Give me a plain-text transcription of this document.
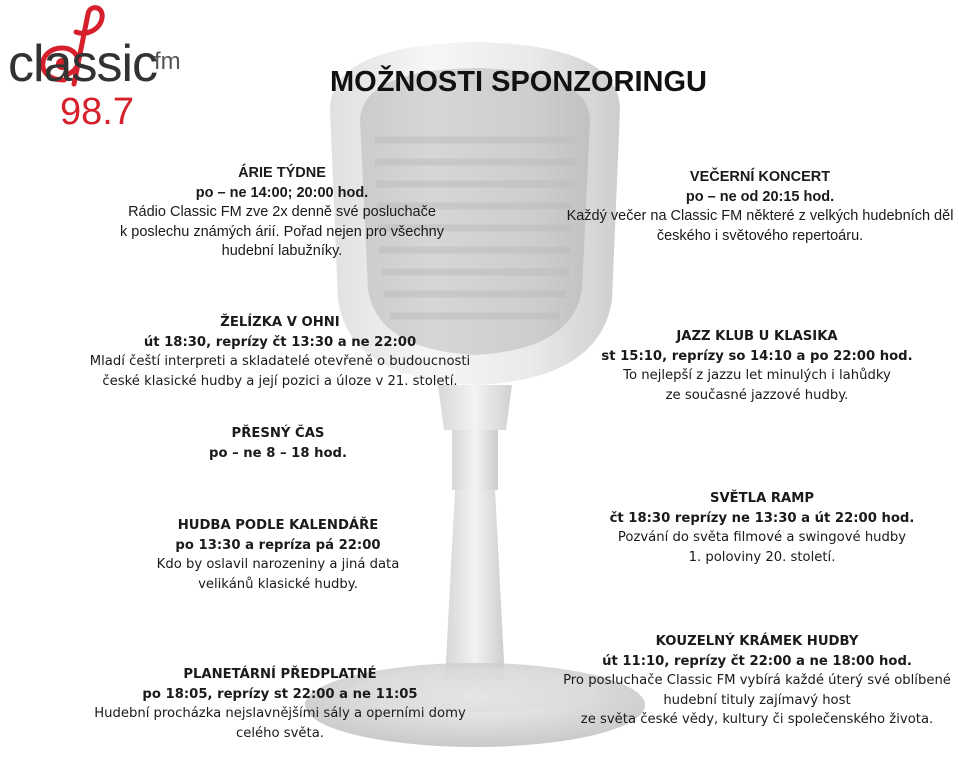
classic
fm
98.7
MOŽNOSTI SPONZORINGU
ÁRIE TÝDNE
po – ne 14:00; 20:00 hod.
Rádio Classic FM zve 2x denně své posluchače
k poslechu známých árií. Pořad nejen pro všechny
hudební labužníky.
VEČERNÍ KONCERT
po – ne od 20:15 hod.
Každý večer na Classic FM některé z velkých hudebních děl
českého i světového repertoáru.
ŽELÍZKA V OHNI
út 18:30, reprízy čt 13:30 a ne 22:00
Mladí čeští interpreti a skladatelé otevřeně o budoucnosti
české klasické hudby a její pozici a úloze v 21. století.
JAZZ KLUB U KLASIKA
st 15:10, reprízy so 14:10 a po 22:00 hod.
To nejlepší z jazzu let minulých i lahůdky
ze současné jazzové hudby.
PŘESNÝ ČAS
po – ne 8 – 18 hod.
HUDBA PODLE KALENDÁŘE
po 13:30 a repríza pá 22:00
Kdo by oslavil narozeniny a jiná data
velikánů klasické hudby.
SVĚTLA RAMP
čt 18:30 reprízy ne 13:30 a út 22:00 hod.
Pozvání do světa filmové a swingové hudby
1. poloviny 20. století.
PLANETÁRNÍ PŘEDPLATNÉ
po 18:05, reprízy st 22:00 a ne 11:05
Hudební procházka nejslavnějšími sály a operními domy
celého světa.
KOUZELNÝ KRÁMEK HUDBY
út 11:10, reprízy čt 22:00 a ne 18:00 hod.
Pro posluchače Classic FM vybírá každé úterý své oblíbené
hudební tituly zajímavý host
ze světa české vědy, kultury či společenského života.
